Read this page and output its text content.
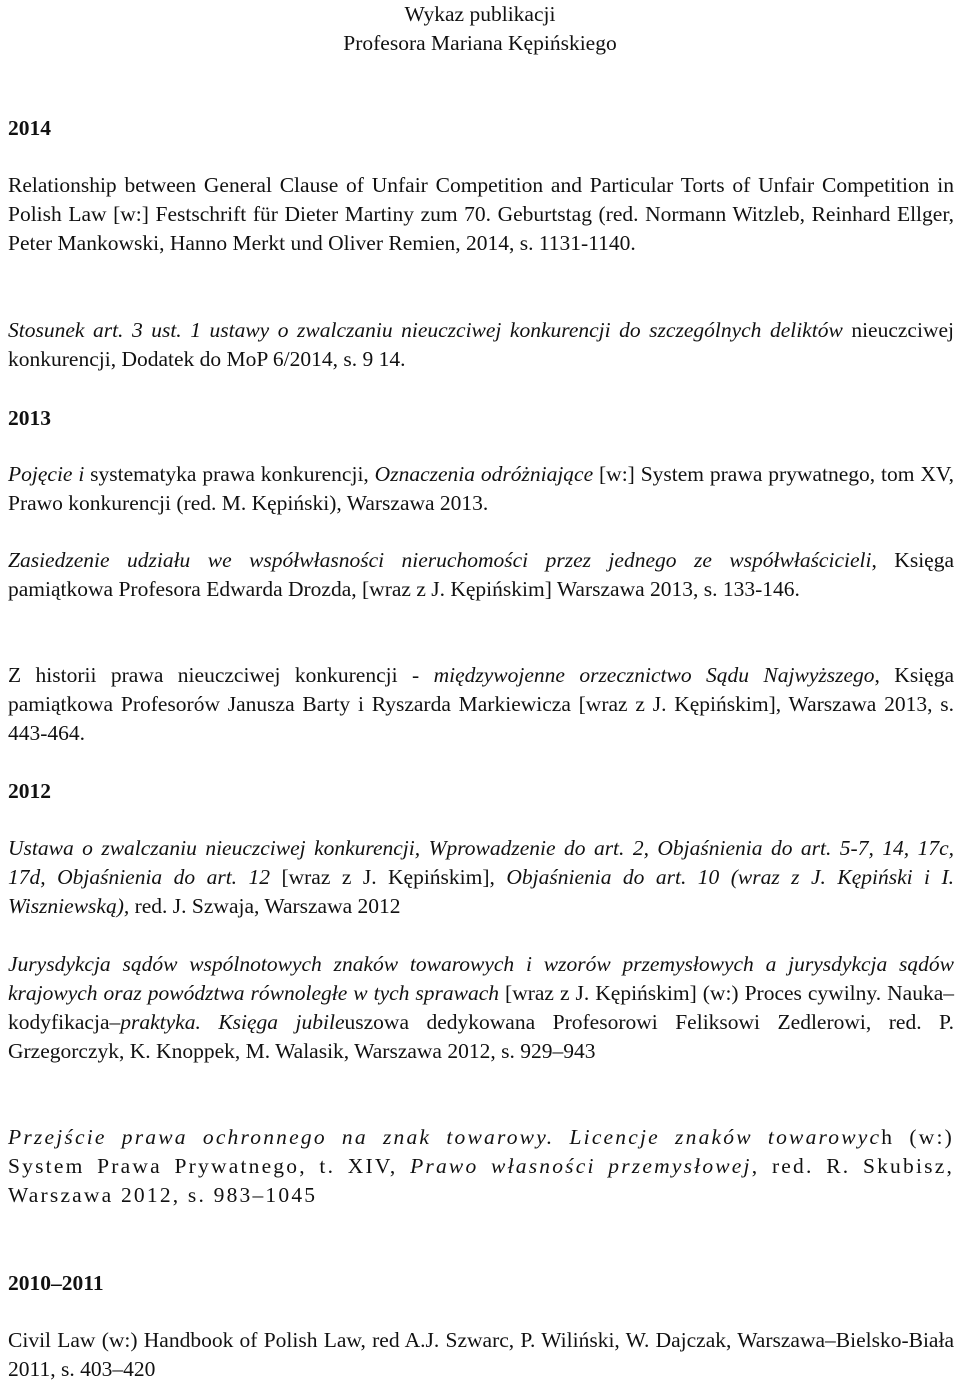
Wykaz publikacji
Profesora Mariana Kępińskiego
2014
Relationship between General Clause of Unfair Competition and Particular Torts of Unfair Competition in Polish Law [w:] Festschrift für Dieter Martiny zum 70. Geburtstag (red. Normann Witzleb, Reinhard Ellger, Peter Mankowski, Hanno Merkt und Oliver Remien, 2014, s. 1131-1140.
Stosunek art. 3 ust. 1 ustawy o zwalczaniu nieuczciwej konkurencji do szczególnych deliktów nieuczciwej konkurencji, Dodatek do MoP 6/2014, s. 9 14.
2013
Pojęcie i systematyka prawa konkurencji, Oznaczenia odróżniające [w:] System prawa prywatnego, tom XV, Prawo konkurencji (red. M. Kępiński), Warszawa 2013.
Zasiedzenie udziału we współwłasności nieruchomości przez jednego ze współwłaścicieli, Księga pamiątkowa Profesora Edwarda Drozda, [wraz z J. Kępińskim] Warszawa 2013, s. 133-146.
Z historii prawa nieuczciwej konkurencji - międzywojenne orzecznictwo Sądu Najwyższego, Księga pamiątkowa Profesorów Janusza Barty i Ryszarda Markiewicza [wraz z J. Kępińskim], Warszawa 2013, s. 443-464.
2012
Ustawa o zwalczaniu nieuczciwej konkurencji, Wprowadzenie do art. 2, Objaśnienia do art. 5-7, 14, 17c, 17d, Objaśnienia do art. 12 [wraz z J. Kępińskim], Objaśnienia do art. 10 (wraz z J. Kępiński i I. Wiszniewską), red. J. Szwaja, Warszawa 2012
Jurysdykcja sądów wspólnotowych znaków towarowych i wzorów przemysłowych a jurysdykcja sądów krajowych oraz powództwa równoległe w tych sprawach [wraz z J. Kępińskim] (w:) Proces cywilny. Nauka–kodyfikacja–praktyka. Księga jubileuszowa dedykowana Profesorowi Feliksowi Zedlerowi, red. P. Grzegorczyk, K. Knoppek, M. Walasik, Warszawa 2012, s. 929–943
Przejście prawa ochronnego na znak towarowy. Licencje znaków towarowych (w:) System Prawa Prywatnego, t. XIV, Prawo własności przemysłowej, red. R. Skubisz, Warszawa 2012, s. 983–1045
2010–2011
Civil Law (w:) Handbook of Polish Law, red A.J. Szwarc, P. Wiliński, W. Dajczak, Warszawa–Bielsko-Biała 2011, s. 403–420
